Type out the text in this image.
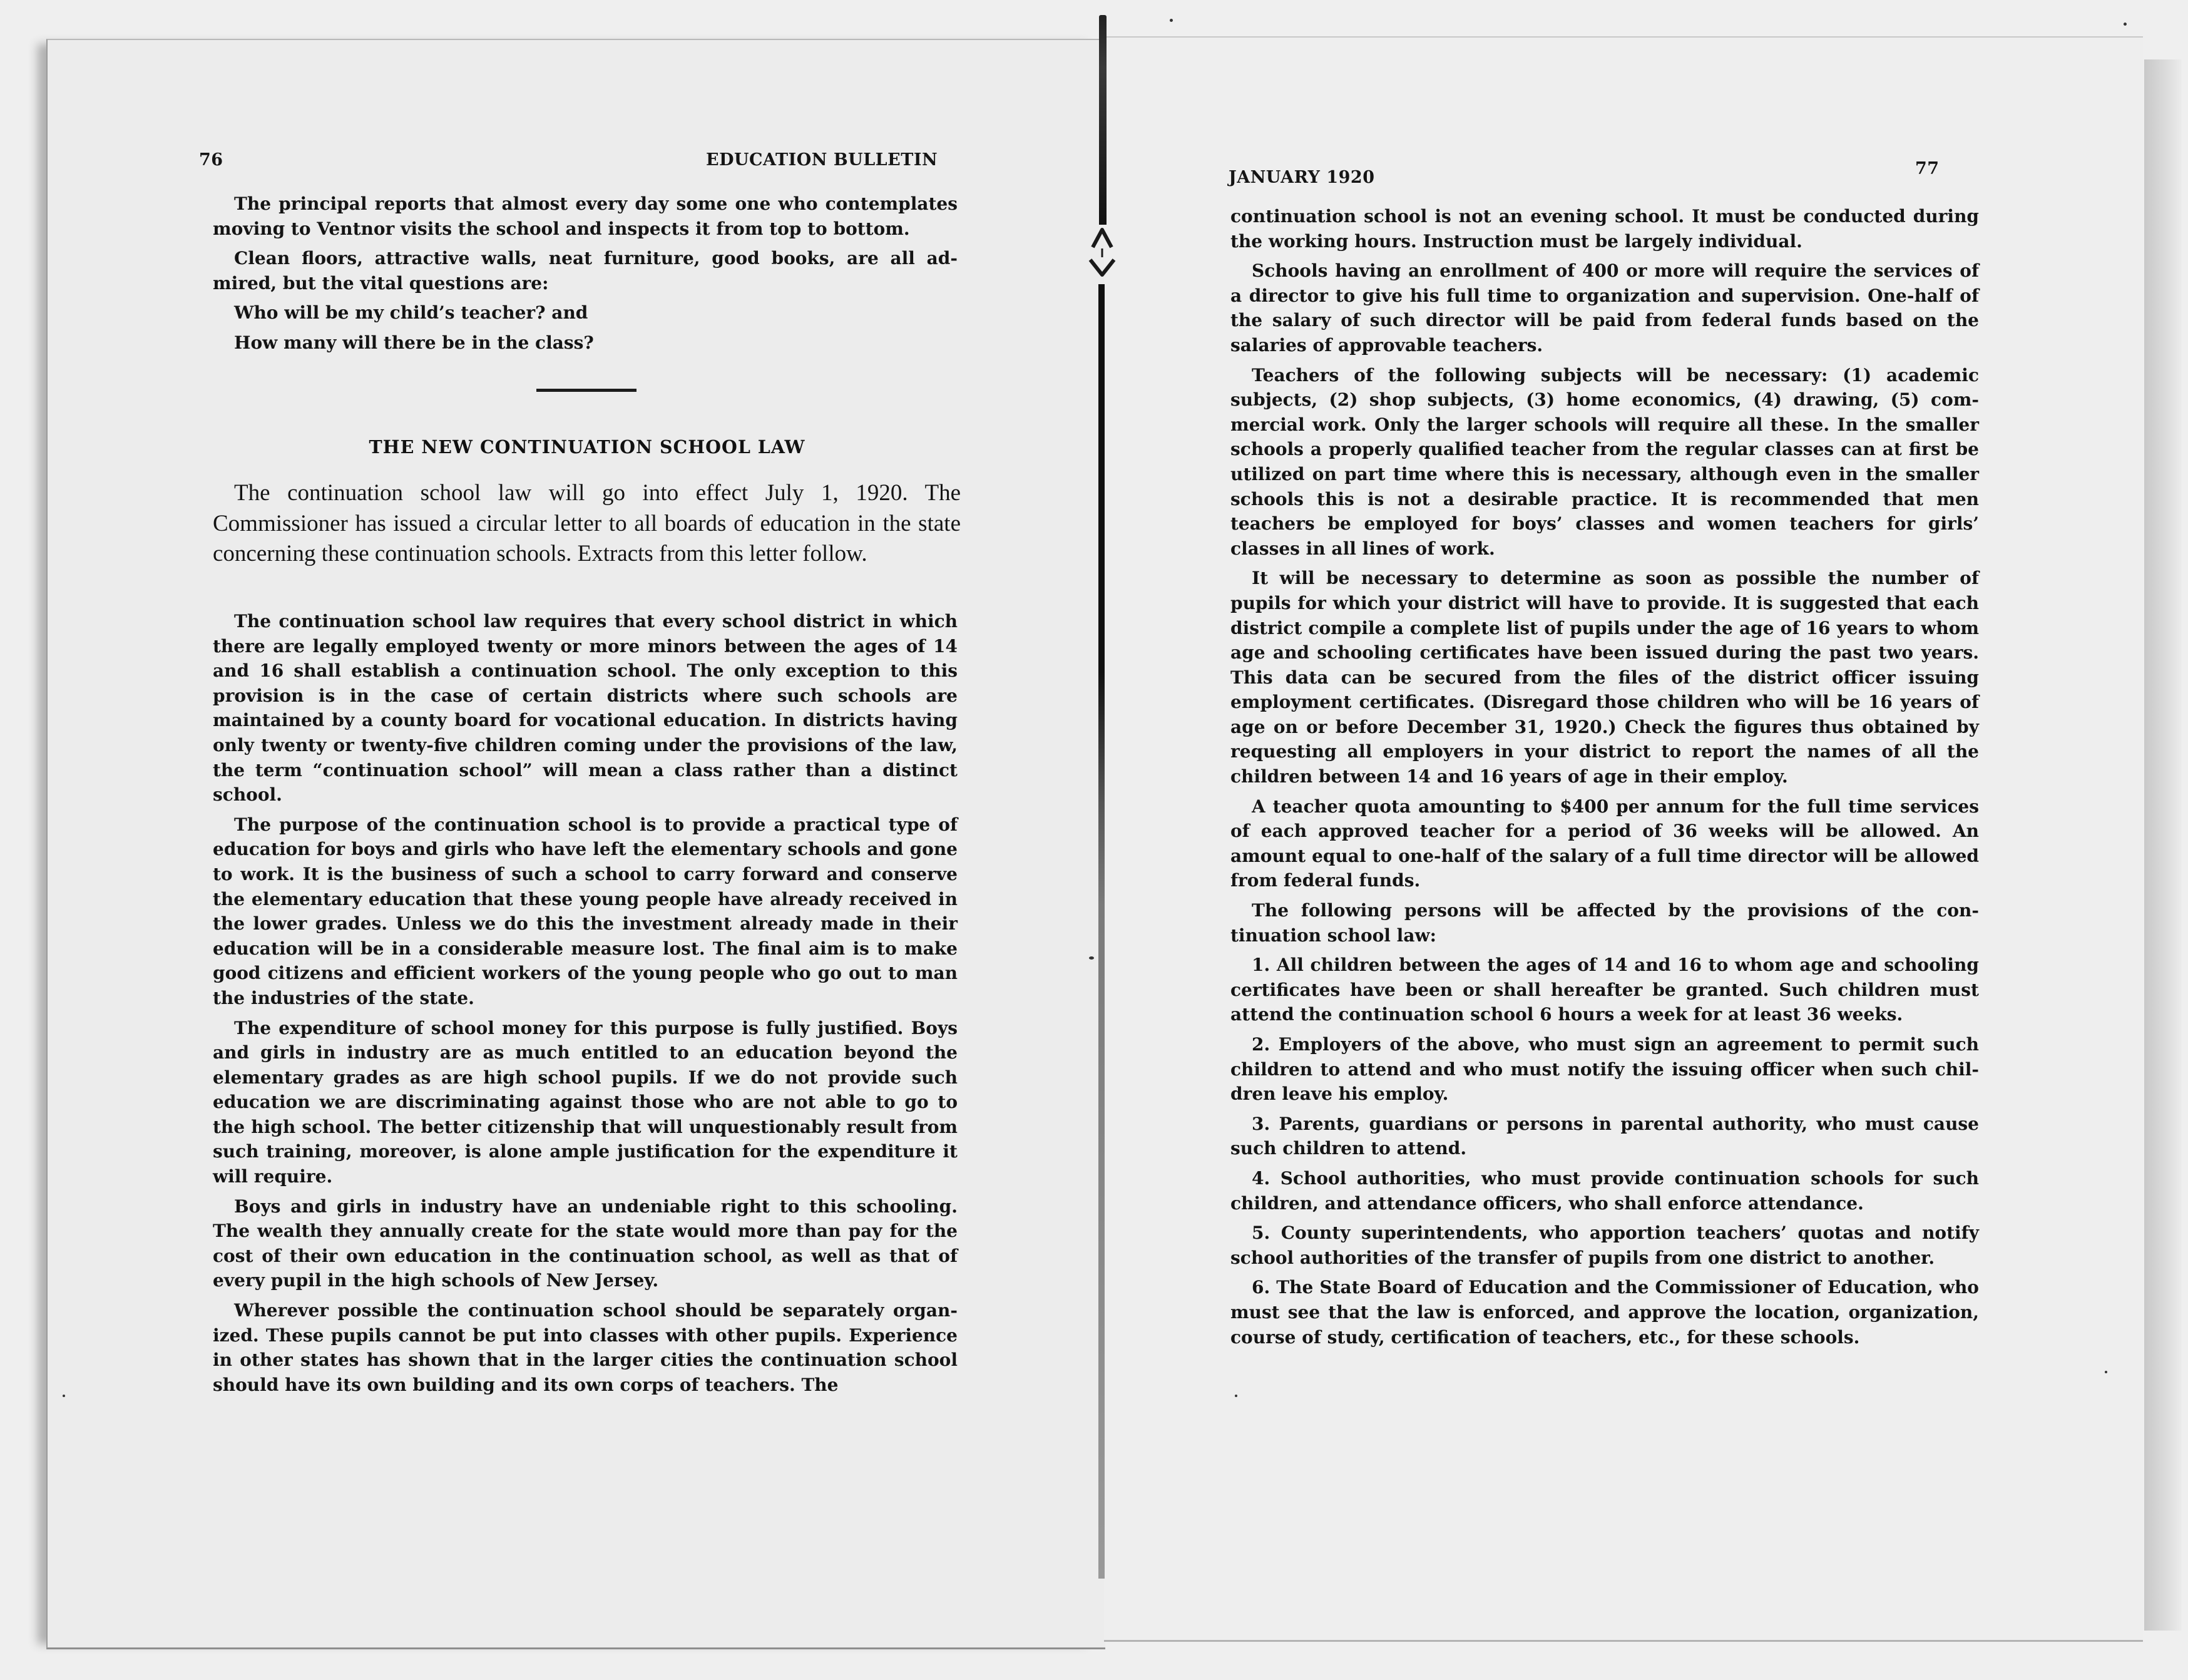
76	EDUCATION BULLETIN

The principal reports that almost every day some one who contemplates moving to Ventnor visits the school and inspects it from top to bottom.

Clean floors, attractive walls, neat furniture, good books, are all admired, but the vital questions are:

Who will be my child’s teacher? and

How many will there be in the class?

THE NEW CONTINUATION SCHOOL LAW

The continuation school law will go into effect July 1, 1920. The Commissioner has issued a circular letter to all boards of education in the state concerning these continuation schools. Extracts from this letter follow.

The continuation school law requires that every school district in which there are legally employed twenty or more minors between the ages of 14 and 16 shall establish a continuation school. The only exception to this provision is in the case of certain districts where such schools are maintained by a county board for vocational education. In districts having only twenty or twenty-five children coming under the provisions of the law, the term “continuation school” will mean a class rather than a distinct school.

The purpose of the continuation school is to provide a practical type of education for boys and girls who have left the elementary schools and gone to work. It is the business of such a school to carry forward and conserve the elementary education that these young people have already received in the lower grades. Unless we do this the investment already made in their education will be in a considerable measure lost. The final aim is to make good citizens and efficient workers of the young people who go out to man the industries of the state.

The expenditure of school money for this purpose is fully justified. Boys and girls in industry are as much entitled to an education beyond the elementary grades as are high school pupils. If we do not provide such education we are discriminating against those who are not able to go to the high school. The better citizenship that will unquestionably result from such training, moreover, is alone ample justification for the expenditure it will require.

Boys and girls in industry have an undeniable right to this schooling. The wealth they annually create for the state would more than pay for the cost of their own education in the continuation school, as well as that of every pupil in the high schools of New Jersey.

Wherever possible the continuation school should be separately organized. These pupils cannot be put into classes with other pupils. Experience in other states has shown that in the larger cities the continuation school should have its own building and its own corps of teachers. The

JANUARY 1920	77

continuation school is not an evening school. It must be conducted during the working hours. Instruction must be largely individual.

Schools having an enrollment of 400 or more will require the services of a director to give his full time to organization and supervision. One-half of the salary of such director will be paid from federal funds based on the salaries of approvable teachers.

Teachers of the following subjects will be necessary: (1) academic subjects, (2) shop subjects, (3) home economics, (4) drawing, (5) commercial work. Only the larger schools will require all these. In the smaller schools a properly qualified teacher from the regular classes can at first be utilized on part time where this is necessary, although even in the smaller schools this is not a desirable practice. It is recommended that men teachers be employed for boys’ classes and women teachers for girls’ classes in all lines of work.

It will be necessary to determine as soon as possible the number of pupils for which your district will have to provide. It is suggested that each district compile a complete list of pupils under the age of 16 years to whom age and schooling certificates have been issued during the past two years. This data can be secured from the files of the district officer issuing employment certificates. (Disregard those children who will be 16 years of age on or before December 31, 1920.) Check the figures thus obtained by requesting all employers in your district to report the names of all the children between 14 and 16 years of age in their employ.

A teacher quota amounting to $400 per annum for the full time services of each approved teacher for a period of 36 weeks will be allowed. An amount equal to one-half of the salary of a full time director will be allowed from federal funds.

The following persons will be affected by the provisions of the continuation school law:

1. All children between the ages of 14 and 16 to whom age and schooling certificates have been or shall hereafter be granted. Such children must attend the continuation school 6 hours a week for at least 36 weeks.

2. Employers of the above, who must sign an agreement to permit such children to attend and who must notify the issuing officer when such children leave his employ.

3. Parents, guardians or persons in parental authority, who must cause such children to attend.

4. School authorities, who must provide continuation schools for such children, and attendance officers, who shall enforce attendance.

5. County superintendents, who apportion teachers’ quotas and notify school authorities of the transfer of pupils from one district to another.

6. The State Board of Education and the Commissioner of Education, who must see that the law is enforced, and approve the location, organization, course of study, certification of teachers, etc., for these schools.
